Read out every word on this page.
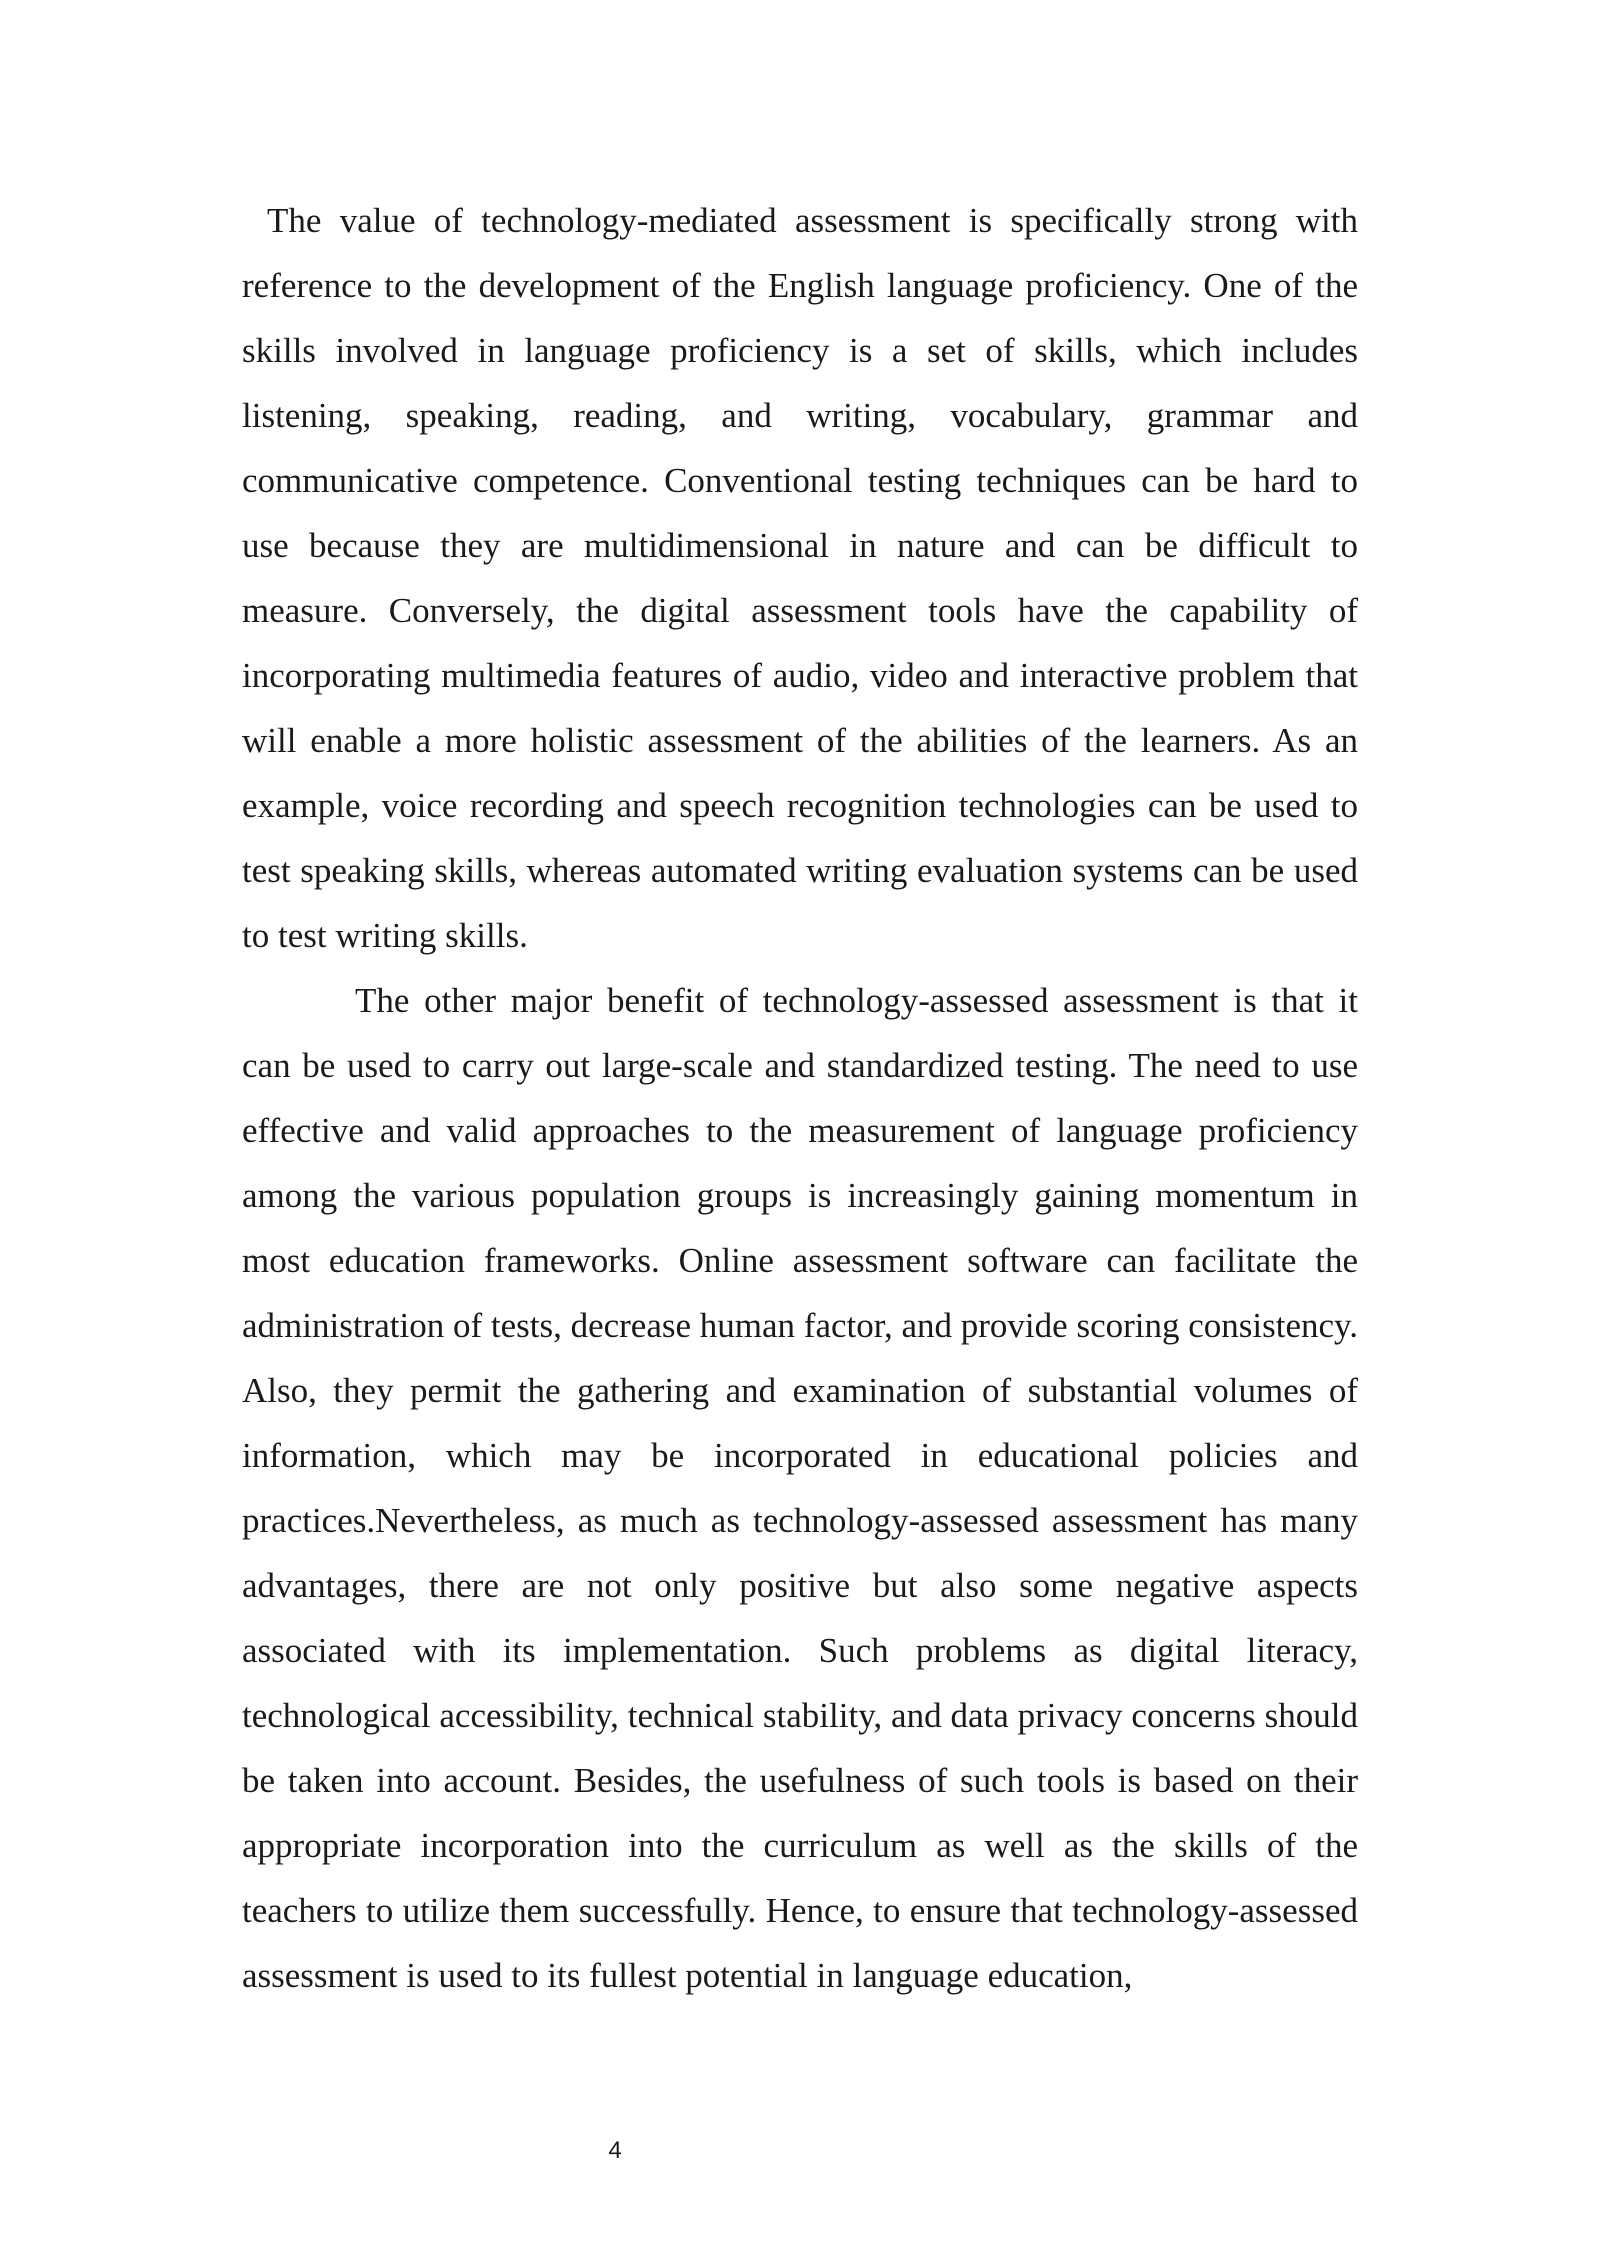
The value of technology-mediated assessment is specifically strong with reference to the development of the English language proficiency. One of the skills involved in language proficiency is a set of skills, which includes listening, speaking, reading, and writing, vocabulary, grammar and communicative competence. Conventional testing techniques can be hard to use because they are multidimensional in nature and can be difficult to measure. Conversely, the digital assessment tools have the capability of incorporating multimedia features of audio, video and interactive problem that will enable a more holistic assessment of the abilities of the learners. As an example, voice recording and speech recognition technologies can be used to test speaking skills, whereas automated writing evaluation systems can be used to test writing skills.

The other major benefit of technology-assessed assessment is that it can be used to carry out large-scale and standardized testing. The need to use effective and valid approaches to the measurement of language proficiency among the various population groups is increasingly gaining momentum in most education frameworks. Online assessment software can facilitate the administration of tests, decrease human factor, and provide scoring consistency. Also, they permit the gathering and examination of substantial volumes of information, which may be incorporated in educational policies and practices.Nevertheless, as much as technology-assessed assessment has many advantages, there are not only positive but also some negative aspects associated with its implementation. Such problems as digital literacy, technological accessibility, technical stability, and data privacy concerns should be taken into account. Besides, the usefulness of such tools is based on their appropriate incorporation into the curriculum as well as the skills of the teachers to utilize them successfully. Hence, to ensure that technology-assessed assessment is used to its fullest potential in language education,

4
